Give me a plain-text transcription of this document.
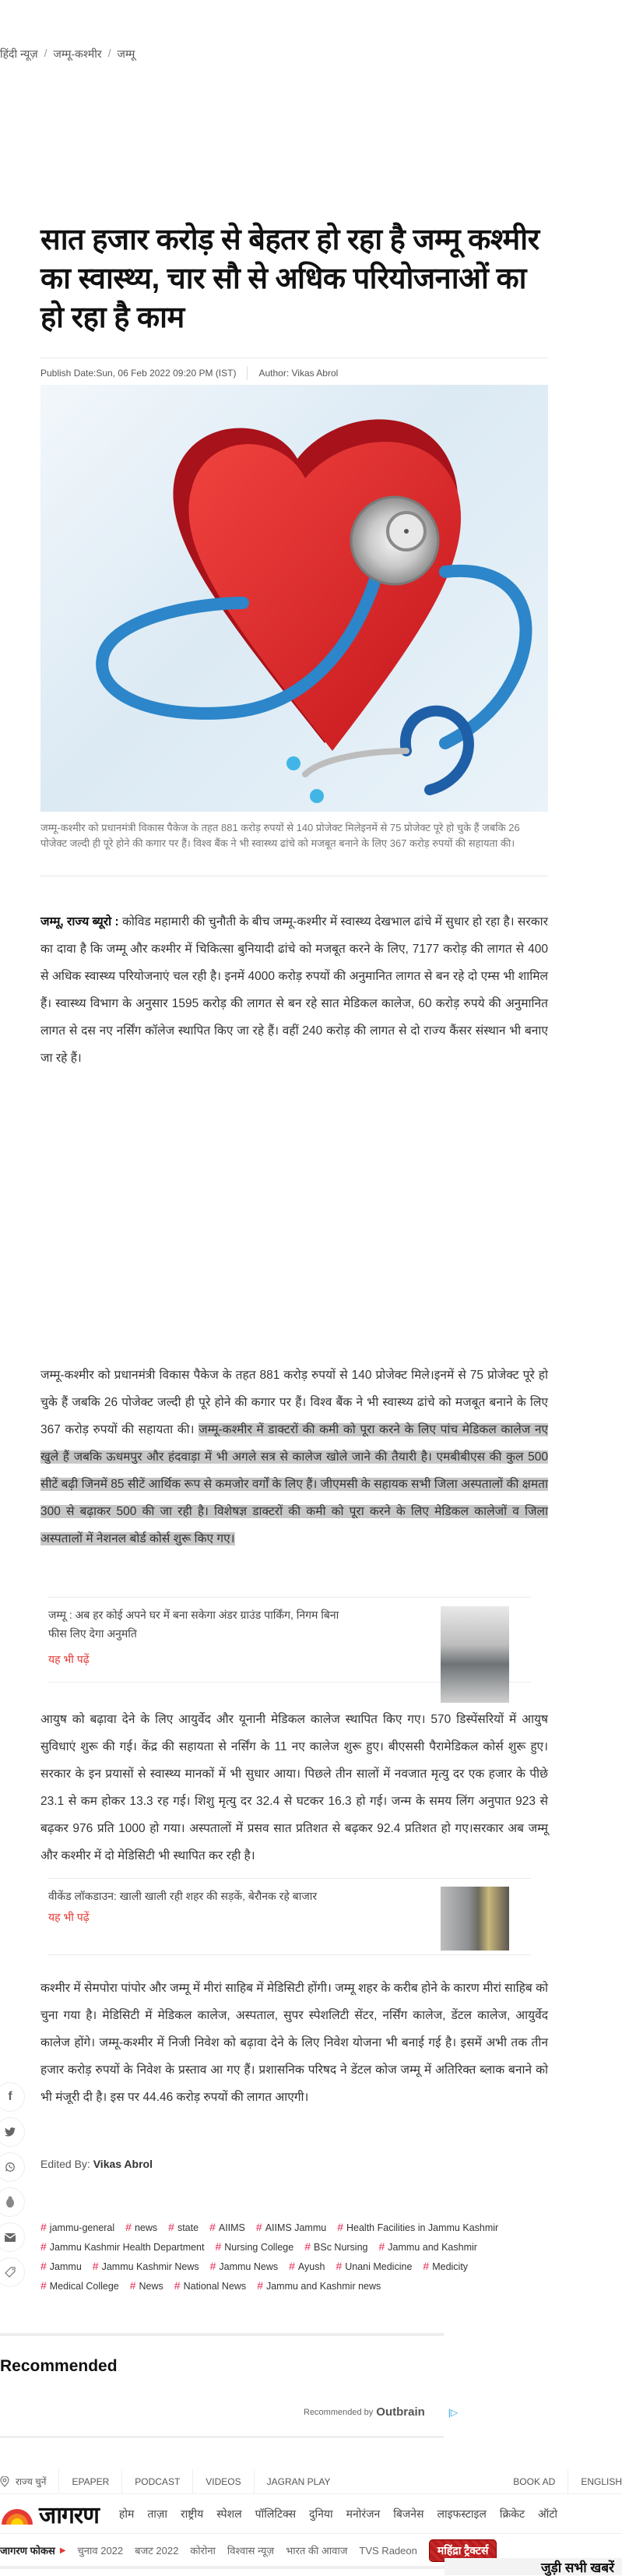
हिंदी न्यूज़ / जम्मू-कश्मीर / जम्मू
सात हजार करोड़ से बेहतर हो रहा है जम्मू कश्मीर का स्वास्थ्य, चार सौ से अधिक परियोजनाओं का हो रहा है काम
Publish Date:Sun, 06 Feb 2022 09:20 PM (IST) Author: Vikas Abrol

जम्मू-कश्मीर को प्रधानमंत्री विकास पैकेज के तहत 881 करोड़ रुपयों से 140 प्रोजेक्ट मिलेइनमें से 75 प्रोजेक्ट पूरे हो चुके हैं जबकि 26 पोजेक्ट जल्दी ही पूरे होने की कगार पर हैं। विश्व बैंक ने भी स्वास्थ्य ढांचे को मजबूत बनाने के लिए 367 करोड़ रुपयों की सहायता की।

जम्मू, राज्य ब्यूरो : कोविड महामारी की चुनौती के बीच जम्मू-कश्मीर में स्वास्थ्य देखभाल ढांचे में सुधार हो रहा है। सरकार का दावा है कि जम्मू और कश्मीर में चिकित्सा बुनियादी ढांचे को मजबूत करने के लिए, 7177 करोड़ की लागत से 400 से अधिक स्वास्थ्य परियोजनाएं चल रही है। इनमें 4000 करोड़ रुपयों की अनुमानित लागत से बन रहे दो एम्स भी शामिल हैं। स्वास्थ्य विभाग के अनुसार 1595 करोड़ की लागत से बन रहे सात मेडिकल कालेज, 60 करोड़ रुपये की अनुमानित लागत से दस नए नर्सिंग कॉलेज स्थापित किए जा रहे हैं। वहीं 240 करोड़ की लागत से दो राज्य कैंसर संस्थान भी बनाए जा रहे हैं।

जम्मू-कश्मीर को प्रधानमंत्री विकास पैकेज के तहत 881 करोड़ रुपयों से 140 प्रोजेक्ट मिले।इनमें से 75 प्रोजेक्ट पूरे हो चुके हैं जबकि 26 पोजेक्ट जल्दी ही पूरे होने की कगार पर हैं। विश्व बैंक ने भी स्वास्थ्य ढांचे को मजबूत बनाने के लिए 367 करोड़ रुपयों की सहायता की। जम्मू-कश्मीर में डाक्टरों की कमी को पूरा करने के लिए पांच मेडिकल कालेज नए खुले हैं जबकि ऊधमपुर और हंदवाड़ा में भी अगले सत्र से कालेज खोले जाने की तैयारी है। एमबीबीएस की कुल 500 सीटें बढ़ी जिनमें 85 सीटें आर्थिक रूप से कमजोर वर्गों के लिए हैं। जीएमसी के सहायक सभी जिला अस्पतालों की क्षमता 300 से बढ़ाकर 500 की जा रही है। विशेषज्ञ डाक्टरों की कमी को पूरा करने के लिए मेडिकल कालेजों व जिला अस्पतालों में नेशनल बोर्ड कोर्स शुरू किए गए।

जम्मू : अब हर कोई अपने घर में बना सकेगा अंडर ग्राउंड पार्किंग, निगम बिना फीस लिए देगा अनुमति
यह भी पढ़ें

आयुष को बढ़ावा देने के लिए आयुर्वेद और यूनानी मेडिकल कालेज स्थापित किए गए। 570 डिस्पेंसरियों में आयुष सुविधाएं शुरू की गई। केंद्र की सहायता से नर्सिंग के 11 नए कालेज शुरू हुए। बीएससी पैरामेडिकल कोर्स शुरू हुए।सरकार के इन प्रयासों से स्वास्थ्य मानकों में भी सुधार आया। पिछले तीन सालों में नवजात मृत्यु दर एक हजार के पीछे 23.1 से कम होकर 13.3 रह गई। शिशु मृत्यु दर 32.4 से घटकर 16.3 हो गई। जन्म के समय लिंग अनुपात 923 से बढ़कर 976 प्रति 1000 हो गया। अस्पतालों में प्रसव सात प्रतिशत से बढ़कर 92.4 प्रतिशत हो गए।सरकार अब जम्मू और कश्मीर में दो मेडिसिटी भी स्थापित कर रही है।

वीकेंड लॉकडाउन: खाली खाली रही शहर की सड़कें, बेरौनक रहे बाजार
यह भी पढ़ें

कश्मीर में सेमपोरा पांपोर और जम्मू में मीरां साहिब में मेडिसिटी होंगी। जम्मू शहर के करीब होने के कारण मीरां साहिब को चुना गया है। मेडिसिटी में मेडिकल कालेज, अस्पताल, सुपर स्पेशलिटी सेंटर, नर्सिंग कालेज, डेंटल कालेज, आयुर्वेद कालेज होंगे। जम्मू-कश्मीर में निजी निवेश को बढ़ावा देने के लिए निवेश योजना भी बनाई गई है। इसमें अभी तक तीन हजार करोड़ रुपयों के निवेश के प्रस्ताव आ गए हैं। प्रशासनिक परिषद ने डेंटल कोज जम्मू में अतिरिक्त ब्लाक बनाने को भी मंजूरी दी है। इस पर 44.46 करोड़ रुपयों की लागत आएगी।

f
Edited By: Vikas Abrol
# jammu-general # news # state # AIIMS # AIIMS Jammu # Health Facilities in Jammu Kashmir
# Jammu Kashmir Health Department # Nursing College # BSc Nursing # Jammu and Kashmir
# Jammu # Jammu Kashmir News # Jammu News # Ayush # Unani Medicine # Medicity
# Medical College # News # National News # Jammu and Kashmir news
Recommended
Recommended by Outbrain	|▷
राज्य चुनें	EPAPER	PODCAST	VIDEOS	JAGRAN PLAY	BOOK AD	ENGLISH
जागरण होम ताज़ा राष्ट्रीय स्पेशल पॉलिटिक्स दुनिया मनोरंजन बिजनेस लाइफस्टाइल क्रिकेट ऑटो
जागरण फोकस ▶ चुनाव 2022 बजट 2022 कोरोना विश्वास न्यूज़ भारत की आवाज TVS Radeon	महिंद्रा ट्रैक्टर्स
जुड़ी सभी खबरें
